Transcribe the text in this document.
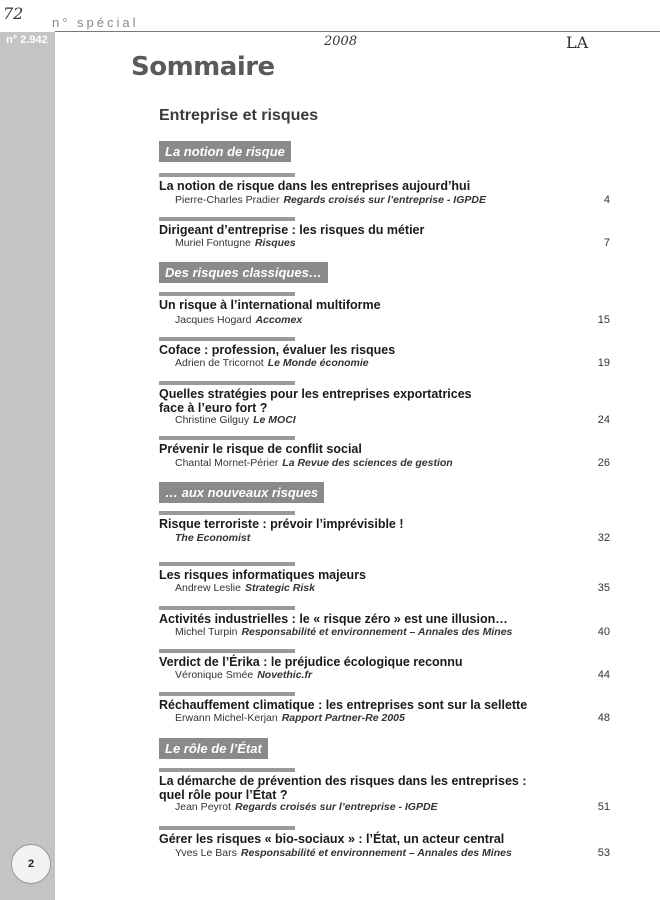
n° 2.942
n° spécial
72
2008	LA
Sommaire
Entreprise et risques
La notion de risque
La notion de risque dans les entreprises aujourd’hui
Pierre-Charles Pradier Regards croisés sur l’entreprise - IGPDE	4
Dirigeant d’entreprise : les risques du métier
Muriel Fontugne Risques	7
Des risques classiques…
Un risque à l’international multiforme
Jacques Hogard Accomex	15
Coface : profession, évaluer les risques
Adrien de Tricornot Le Monde économie	19
Quelles stratégies pour les entreprises exportatrices
face à l’euro fort ?
Christine Gilguy Le MOCI	24
Prévenir le risque de conflit social
Chantal Mornet-Périer La Revue des sciences de gestion	26
… aux nouveaux risques
Risque terroriste : prévoir l’imprévisible !
The Economist	32
Les risques informatiques majeurs
Andrew Leslie Strategic Risk	35
Activités industrielles : le « risque zéro » est une illusion…
Michel Turpin Responsabilité et environnement – Annales des Mines	40
Verdict de l’Érika : le préjudice écologique reconnu
Véronique Smée Novethic.fr	44
Réchauffement climatique : les entreprises sont sur la sellette
Erwann Michel-Kerjan Rapport Partner-Re 2005	48
Le rôle de l’État
La démarche de prévention des risques dans les entreprises :
quel rôle pour l’État ?
Jean Peyrot Regards croisés sur l’entreprise - IGPDE	51
Gérer les risques « bio-sociaux » : l’État, un acteur central
Yves Le Bars Responsabilité et environnement – Annales des Mines	53
2
